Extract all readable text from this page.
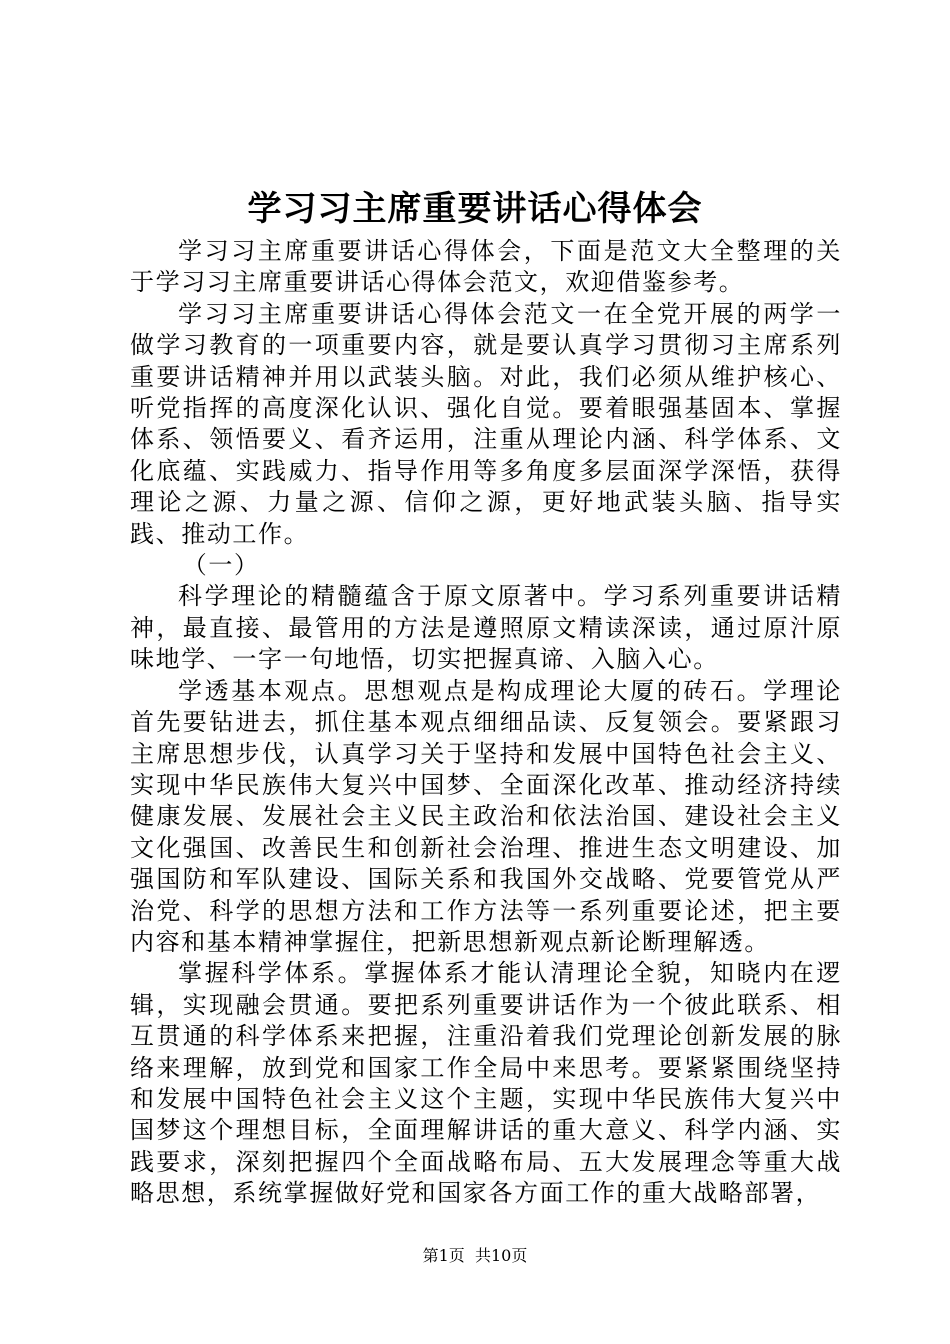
学习习主席重要讲话心得体会

学习习主席重要讲话心得体会，下面是范文大全整理的关于学习习主席重要讲话心得体会范文，欢迎借鉴参考。

学习习主席重要讲话心得体会范文一在全党开展的两学一做学习教育的一项重要内容，就是要认真学习贯彻习主席系列重要讲话精神并用以武装头脑。对此，我们必须从维护核心、听党指挥的高度深化认识、强化自觉。要着眼强基固本、掌握体系、领悟要义、看齐运用，注重从理论内涵、科学体系、文化底蕴、实践威力、指导作用等多角度多层面深学深悟，获得理论之源、力量之源、信仰之源，更好地武装头脑、指导实践、推动工作。

（一）

科学理论的精髓蕴含于原文原著中。学习系列重要讲话精神，最直接、最管用的方法是遵照原文精读深读，通过原汁原味地学、一字一句地悟，切实把握真谛、入脑入心。

学透基本观点。思想观点是构成理论大厦的砖石。学理论首先要钻进去，抓住基本观点细细品读、反复领会。要紧跟习主席思想步伐，认真学习关于坚持和发展中国特色社会主义、实现中华民族伟大复兴中国梦、全面深化改革、推动经济持续健康发展、发展社会主义民主政治和依法治国、建设社会主义文化强国、改善民生和创新社会治理、推进生态文明建设、加强国防和军队建设、国际关系和我国外交战略、党要管党从严治党、科学的思想方法和工作方法等一系列重要论述，把主要内容和基本精神掌握住，把新思想新观点新论断理解透。

掌握科学体系。掌握体系才能认清理论全貌，知晓内在逻辑，实现融会贯通。要把系列重要讲话作为一个彼此联系、相互贯通的科学体系来把握，注重沿着我们党理论创新发展的脉络来理解，放到党和国家工作全局中来思考。要紧紧围绕坚持和发展中国特色社会主义这个主题，实现中华民族伟大复兴中国梦这个理想目标，全面理解讲话的重大意义、科学内涵、实践要求，深刻把握四个全面战略布局、五大发展理念等重大战略思想，系统掌握做好党和国家各方面工作的重大战略部署，

第1页 共10页
